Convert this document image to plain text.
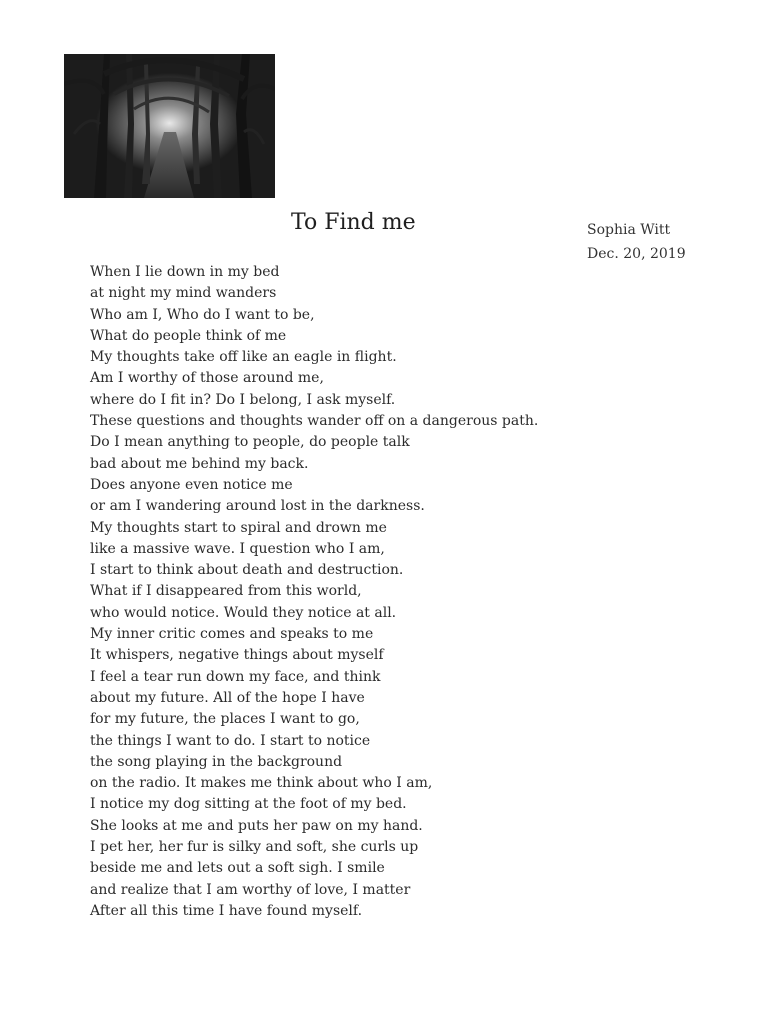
To Find me	Sophia Witt
Dec. 20, 2019
When I lie down in my bed
at night my mind wanders
Who am I, Who do I want to be,
What do people think of me
My thoughts take off like an eagle in flight.
Am I worthy of those around me,
where do I fit in? Do I belong, I ask myself.
These questions and thoughts wander off on a dangerous path.
Do I mean anything to people, do people talk
bad about me behind my back.
Does anyone even notice me
or am I wandering around lost in the darkness.
My thoughts start to spiral and drown me
like a massive wave. I question who I am,
I start to think about death and destruction.
What if I disappeared from this world,
who would notice. Would they notice at all.
My inner critic comes and speaks to me
It whispers, negative things about myself
I feel a tear run down my face, and think
about my future. All of the hope I have
for my future, the places I want to go,
the things I want to do. I start to notice
the song playing in the background
on the radio. It makes me think about who I am,
I notice my dog sitting at the foot of my bed.
She looks at me and puts her paw on my hand.
I pet her, her fur is silky and soft, she curls up
beside me and lets out a soft sigh. I smile
and realize that I am worthy of love, I matter
After all this time I have found myself.
